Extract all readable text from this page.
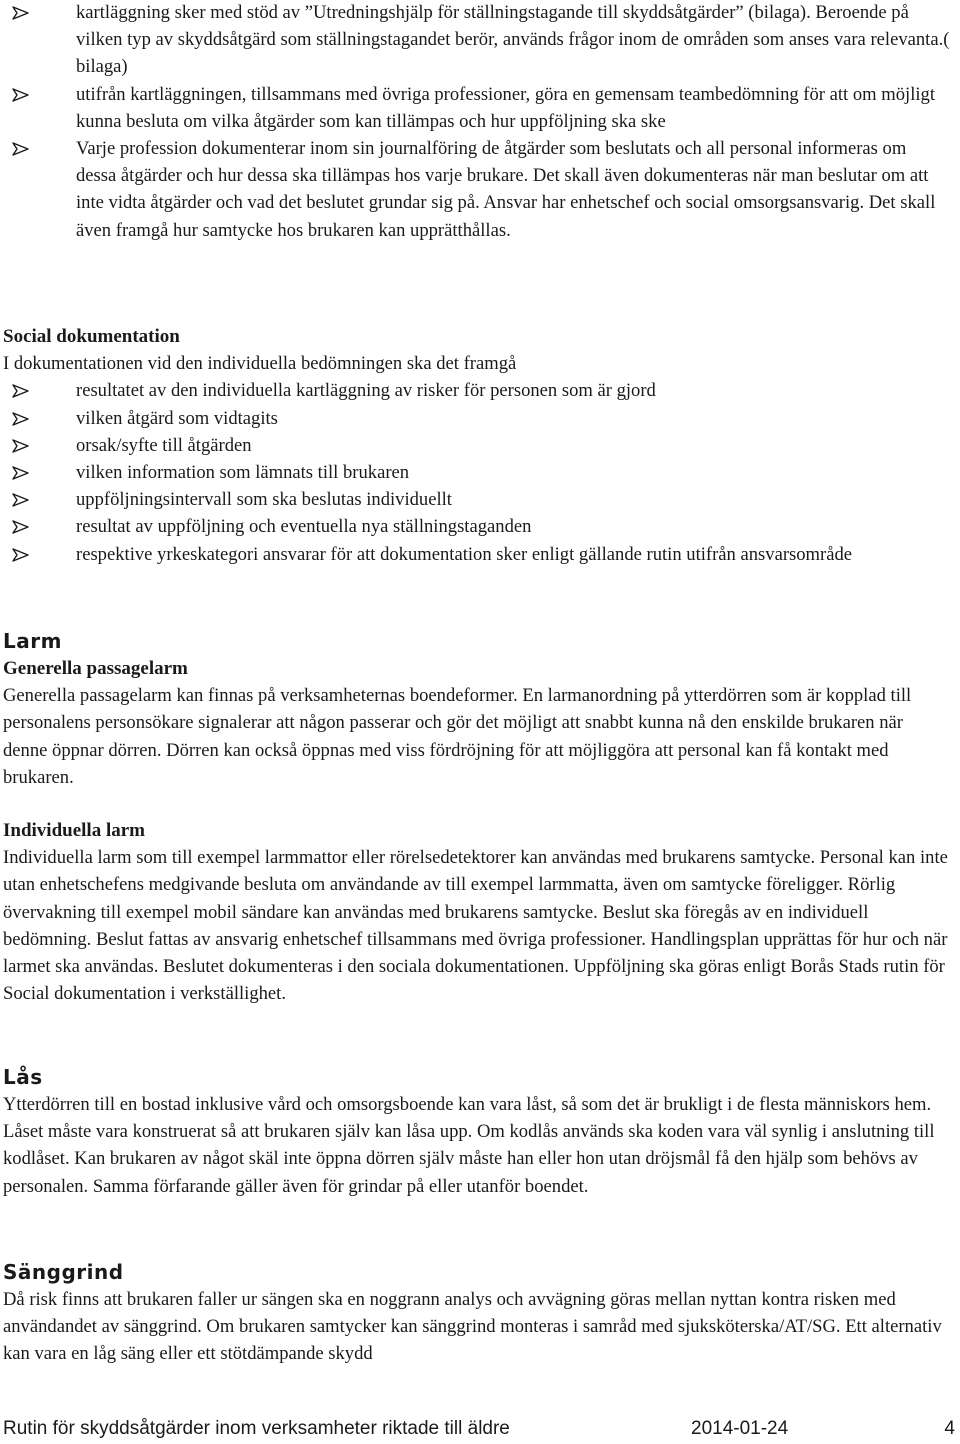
kartläggning sker med stöd av ”Utredningshjälp för ställningstagande till skyddsåtgärder” (bilaga). Beroende på vilken typ av skyddsåtgärd som ställningstagandet berör, används frågor inom de områden som anses vara relevanta.( bilaga)
utifrån kartläggningen, tillsammans med övriga professioner, göra en gemensam teambedömning för att om möjligt kunna besluta om vilka åtgärder som kan tillämpas och hur uppföljning ska ske
Varje profession dokumenterar inom sin journalföring de åtgärder som beslutats och all personal informeras om dessa åtgärder och hur dessa ska tillämpas hos varje brukare. Det skall även dokumenteras när man beslutar om att inte vidta åtgärder och vad det beslutet grundar sig på. Ansvar har enhetschef och social omsorgsansvarig. Det skall även framgå hur samtycke hos brukaren kan upprätthållas.
Social dokumentation

I dokumentationen vid den individuella bedömningen ska det framgå

resultatet av den individuella kartläggning av risker för personen som är gjord
vilken åtgärd som vidtagits
orsak/syfte till åtgärden
vilken information som lämnats till brukaren
uppföljningsintervall som ska beslutas individuellt
resultat av uppföljning och eventuella nya ställningstaganden
respektive yrkeskategori ansvarar för att dokumentation sker enligt gällande rutin utifrån ansvarsområde
Larm
Generella passagelarm

Generella passagelarm kan finnas på verksamheternas boendeformer. En larmanordning på ytterdörren som är kopplad till personalens personsökare signalerar att någon passerar och gör det möjligt att snabbt kunna nå den enskilde brukaren när denne öppnar dörren. Dörren kan också öppnas med viss fördröjning för att möjliggöra att personal kan få kontakt med brukaren.

Individuella larm

Individuella larm som till exempel larmmattor eller rörelsedetektorer kan användas med brukarens samtycke. Personal kan inte utan enhetschefens medgivande besluta om användande av till exempel larmmatta, även om samtycke föreligger. Rörlig övervakning till exempel mobil sändare kan användas med brukarens samtycke. Beslut ska föregås av en individuell bedömning. Beslut fattas av ansvarig enhetschef tillsammans med övriga professioner. Handlingsplan upprättas för hur och när larmet ska användas. Beslutet dokumenteras i den sociala dokumentationen. Uppföljning ska göras enligt Borås Stads rutin för Social dokumentation i verkställighet.

Lås

Ytterdörren till en bostad inklusive vård och omsorgsboende kan vara låst, så som det är brukligt i de flesta människors hem. Låset måste vara konstruerat så att brukaren själv kan låsa upp. Om kodlås används ska koden vara väl synlig i anslutning till kodlåset. Kan brukaren av något skäl inte öppna dörren själv måste han eller hon utan dröjsmål få den hjälp som behövs av personalen. Samma förfarande gäller även för grindar på eller utanför boendet.

Sänggrind

Då risk finns att brukaren faller ur sängen ska en noggrann analys och avvägning göras mellan nyttan kontra risken med användandet av sänggrind. Om brukaren samtycker kan sänggrind monteras i samråd med sjuksköterska/AT/SG. Ett alternativ kan vara en låg säng eller ett stötdämpande skydd

Rutin för skyddsåtgärder inom verksamheter riktade till äldre	2014-01-24	4
